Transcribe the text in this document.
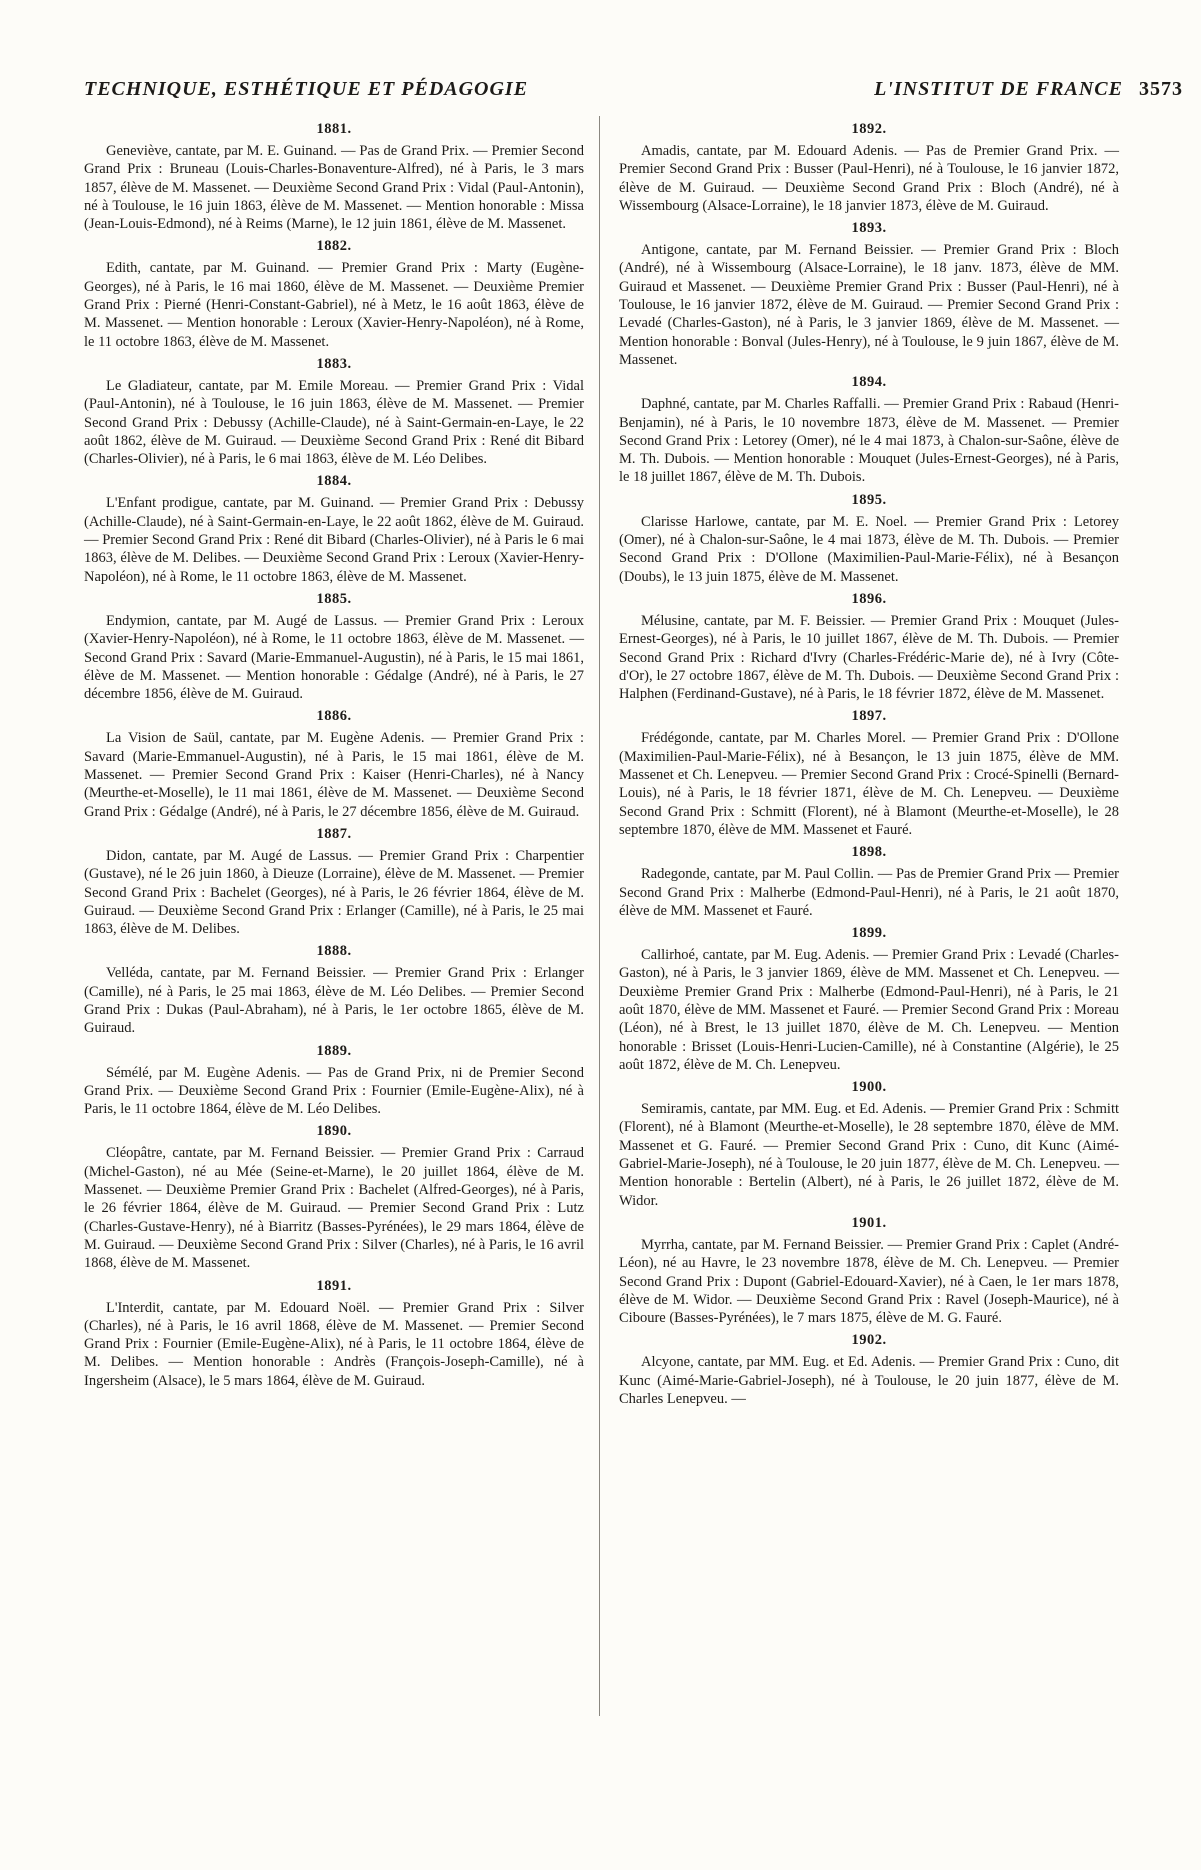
TECHNIQUE, ESTHÉTIQUE ET PÉDAGOGIE	L'INSTITUT DE FRANCE 3573
1881.
Geneviève, cantate, par M. E. Guinand. — Pas de Grand Prix. — Premier Second Grand Prix : Bruneau (Louis-Charles-Bonaventure-Alfred), né à Paris, le 3 mars 1857, élève de M. Massenet. — Deuxième Second Grand Prix : Vidal (Paul-Antonin), né à Toulouse, le 16 juin 1863, élève de M. Massenet. — Mention honorable : Missa (Jean-Louis-Edmond), né à Reims (Marne), le 12 juin 1861, élève de M. Massenet.
1882.
Edith, cantate, par M. Guinand. — Premier Grand Prix : Marty (Eugène-Georges), né à Paris, le 16 mai 1860, élève de M. Massenet. — Deuxième Premier Grand Prix : Pierné (Henri-Constant-Gabriel), né à Metz, le 16 août 1863, élève de M. Massenet. — Mention honorable : Leroux (Xavier-Henry-Napoléon), né à Rome, le 11 octobre 1863, élève de M. Massenet.
1883.
Le Gladiateur, cantate, par M. Emile Moreau. — Premier Grand Prix : Vidal (Paul-Antonin), né à Toulouse, le 16 juin 1863, élève de M. Massenet. — Premier Second Grand Prix : Debussy (Achille-Claude), né à Saint-Germain-en-Laye, le 22 août 1862, élève de M. Guiraud. — Deuxième Second Grand Prix : René dit Bibard (Charles-Olivier), né à Paris, le 6 mai 1863, élève de M. Léo Delibes.
1884.
L'Enfant prodigue, cantate, par M. Guinand. — Premier Grand Prix : Debussy (Achille-Claude), né à Saint-Germain-en-Laye, le 22 août 1862, élève de M. Guiraud. — Premier Second Grand Prix : René dit Bibard (Charles-Olivier), né à Paris le 6 mai 1863, élève de M. Delibes. — Deuxième Second Grand Prix : Leroux (Xavier-Henry-Napoléon), né à Rome, le 11 octobre 1863, élève de M. Massenet.
1885.
Endymion, cantate, par M. Augé de Lassus. — Premier Grand Prix : Leroux (Xavier-Henry-Napoléon), né à Rome, le 11 octobre 1863, élève de M. Massenet. — Second Grand Prix : Savard (Marie-Emmanuel-Augustin), né à Paris, le 15 mai 1861, élève de M. Massenet. — Mention honorable : Gédalge (André), né à Paris, le 27 décembre 1856, élève de M. Guiraud.
1886.
La Vision de Saül, cantate, par M. Eugène Adenis. — Premier Grand Prix : Savard (Marie-Emmanuel-Augustin), né à Paris, le 15 mai 1861, élève de M. Massenet. — Premier Second Grand Prix : Kaiser (Henri-Charles), né à Nancy (Meurthe-et-Moselle), le 11 mai 1861, élève de M. Massenet. — Deuxième Second Grand Prix : Gédalge (André), né à Paris, le 27 décembre 1856, élève de M. Guiraud.
1887.
Didon, cantate, par M. Augé de Lassus. — Premier Grand Prix : Charpentier (Gustave), né le 26 juin 1860, à Dieuze (Lorraine), élève de M. Massenet. — Premier Second Grand Prix : Bachelet (Georges), né à Paris, le 26 février 1864, élève de M. Guiraud. — Deuxième Second Grand Prix : Erlanger (Camille), né à Paris, le 25 mai 1863, élève de M. Delibes.
1888.
Velléda, cantate, par M. Fernand Beissier. — Premier Grand Prix : Erlanger (Camille), né à Paris, le 25 mai 1863, élève de M. Léo Delibes. — Premier Second Grand Prix : Dukas (Paul-Abraham), né à Paris, le 1er octobre 1865, élève de M. Guiraud.
1889.
Sémélé, par M. Eugène Adenis. — Pas de Grand Prix, ni de Premier Second Grand Prix. — Deuxième Second Grand Prix : Fournier (Emile-Eugène-Alix), né à Paris, le 11 octobre 1864, élève de M. Léo Delibes.
1890.
Cléopâtre, cantate, par M. Fernand Beissier. — Premier Grand Prix : Carraud (Michel-Gaston), né au Mée (Seine-et-Marne), le 20 juillet 1864, élève de M. Massenet. — Deuxième Premier Grand Prix : Bachelet (Alfred-Georges), né à Paris, le 26 février 1864, élève de M. Guiraud. — Premier Second Grand Prix : Lutz (Charles-Gustave-Henry), né à Biarritz (Basses-Pyrénées), le 29 mars 1864, élève de M. Guiraud. — Deuxième Second Grand Prix : Silver (Charles), né à Paris, le 16 avril 1868, élève de M. Massenet.
1891.
L'Interdit, cantate, par M. Edouard Noël. — Premier Grand Prix : Silver (Charles), né à Paris, le 16 avril 1868, élève de M. Massenet. — Premier Second Grand Prix : Fournier (Emile-Eugène-Alix), né à Paris, le 11 octobre 1864, élève de M. Delibes. — Mention honorable : Andrès (François-Joseph-Camille), né à Ingersheim (Alsace), le 5 mars 1864, élève de M. Guiraud.
1892.
Amadis, cantate, par M. Edouard Adenis. — Pas de Premier Grand Prix. — Premier Second Grand Prix : Busser (Paul-Henri), né à Toulouse, le 16 janvier 1872, élève de M. Guiraud. — Deuxième Second Grand Prix : Bloch (André), né à Wissembourg (Alsace-Lorraine), le 18 janvier 1873, élève de M. Guiraud.
1893.
Antigone, cantate, par M. Fernand Beissier. — Premier Grand Prix : Bloch (André), né à Wissembourg (Alsace-Lorraine), le 18 janv. 1873, élève de MM. Guiraud et Massenet. — Deuxième Premier Grand Prix : Busser (Paul-Henri), né à Toulouse, le 16 janvier 1872, élève de M. Guiraud. — Premier Second Grand Prix : Levadé (Charles-Gaston), né à Paris, le 3 janvier 1869, élève de M. Massenet. — Mention honorable : Bonval (Jules-Henry), né à Toulouse, le 9 juin 1867, élève de M. Massenet.
1894.
Daphné, cantate, par M. Charles Raffalli. — Premier Grand Prix : Rabaud (Henri-Benjamin), né à Paris, le 10 novembre 1873, élève de M. Massenet. — Premier Second Grand Prix : Letorey (Omer), né le 4 mai 1873, à Chalon-sur-Saône, élève de M. Th. Dubois. — Mention honorable : Mouquet (Jules-Ernest-Georges), né à Paris, le 18 juillet 1867, élève de M. Th. Dubois.
1895.
Clarisse Harlowe, cantate, par M. E. Noel. — Premier Grand Prix : Letorey (Omer), né à Chalon-sur-Saône, le 4 mai 1873, élève de M. Th. Dubois. — Premier Second Grand Prix : D'Ollone (Maximilien-Paul-Marie-Félix), né à Besançon (Doubs), le 13 juin 1875, élève de M. Massenet.
1896.
Mélusine, cantate, par M. F. Beissier. — Premier Grand Prix : Mouquet (Jules-Ernest-Georges), né à Paris, le 10 juillet 1867, élève de M. Th. Dubois. — Premier Second Grand Prix : Richard d'Ivry (Charles-Frédéric-Marie de), né à Ivry (Côte-d'Or), le 27 octobre 1867, élève de M. Th. Dubois. — Deuxième Second Grand Prix : Halphen (Ferdinand-Gustave), né à Paris, le 18 février 1872, élève de M. Massenet.
1897.
Frédégonde, cantate, par M. Charles Morel. — Premier Grand Prix : D'Ollone (Maximilien-Paul-Marie-Félix), né à Besançon, le 13 juin 1875, élève de MM. Massenet et Ch. Lenepveu. — Premier Second Grand Prix : Crocé-Spinelli (Bernard-Louis), né à Paris, le 18 février 1871, élève de M. Ch. Lenepveu. — Deuxième Second Grand Prix : Schmitt (Florent), né à Blamont (Meurthe-et-Moselle), le 28 septembre 1870, élève de MM. Massenet et Fauré.
1898.
Radegonde, cantate, par M. Paul Collin. — Pas de Premier Grand Prix — Premier Second Grand Prix : Malherbe (Edmond-Paul-Henri), né à Paris, le 21 août 1870, élève de MM. Massenet et Fauré.
1899.
Callirhoé, cantate, par M. Eug. Adenis. — Premier Grand Prix : Levadé (Charles-Gaston), né à Paris, le 3 janvier 1869, élève de MM. Massenet et Ch. Lenepveu. — Deuxième Premier Grand Prix : Malherbe (Edmond-Paul-Henri), né à Paris, le 21 août 1870, élève de MM. Massenet et Fauré. — Premier Second Grand Prix : Moreau (Léon), né à Brest, le 13 juillet 1870, élève de M. Ch. Lenepveu. — Mention honorable : Brisset (Louis-Henri-Lucien-Camille), né à Constantine (Algérie), le 25 août 1872, élève de M. Ch. Lenepveu.
1900.
Semiramis, cantate, par MM. Eug. et Ed. Adenis. — Premier Grand Prix : Schmitt (Florent), né à Blamont (Meurthe-et-Moselle), le 28 septembre 1870, élève de MM. Massenet et G. Fauré. — Premier Second Grand Prix : Cuno, dit Kunc (Aimé-Gabriel-Marie-Joseph), né à Toulouse, le 20 juin 1877, élève de M. Ch. Lenepveu. — Mention honorable : Bertelin (Albert), né à Paris, le 26 juillet 1872, élève de M. Widor.
1901.
Myrrha, cantate, par M. Fernand Beissier. — Premier Grand Prix : Caplet (André-Léon), né au Havre, le 23 novembre 1878, élève de M. Ch. Lenepveu. — Premier Second Grand Prix : Dupont (Gabriel-Edouard-Xavier), né à Caen, le 1er mars 1878, élève de M. Widor. — Deuxième Second Grand Prix : Ravel (Joseph-Maurice), né à Ciboure (Basses-Pyrénées), le 7 mars 1875, élève de M. G. Fauré.
1902.
Alcyone, cantate, par MM. Eug. et Ed. Adenis. — Premier Grand Prix : Cuno, dit Kunc (Aimé-Marie-Gabriel-Joseph), né à Toulouse, le 20 juin 1877, élève de M. Charles Lenepveu. —
